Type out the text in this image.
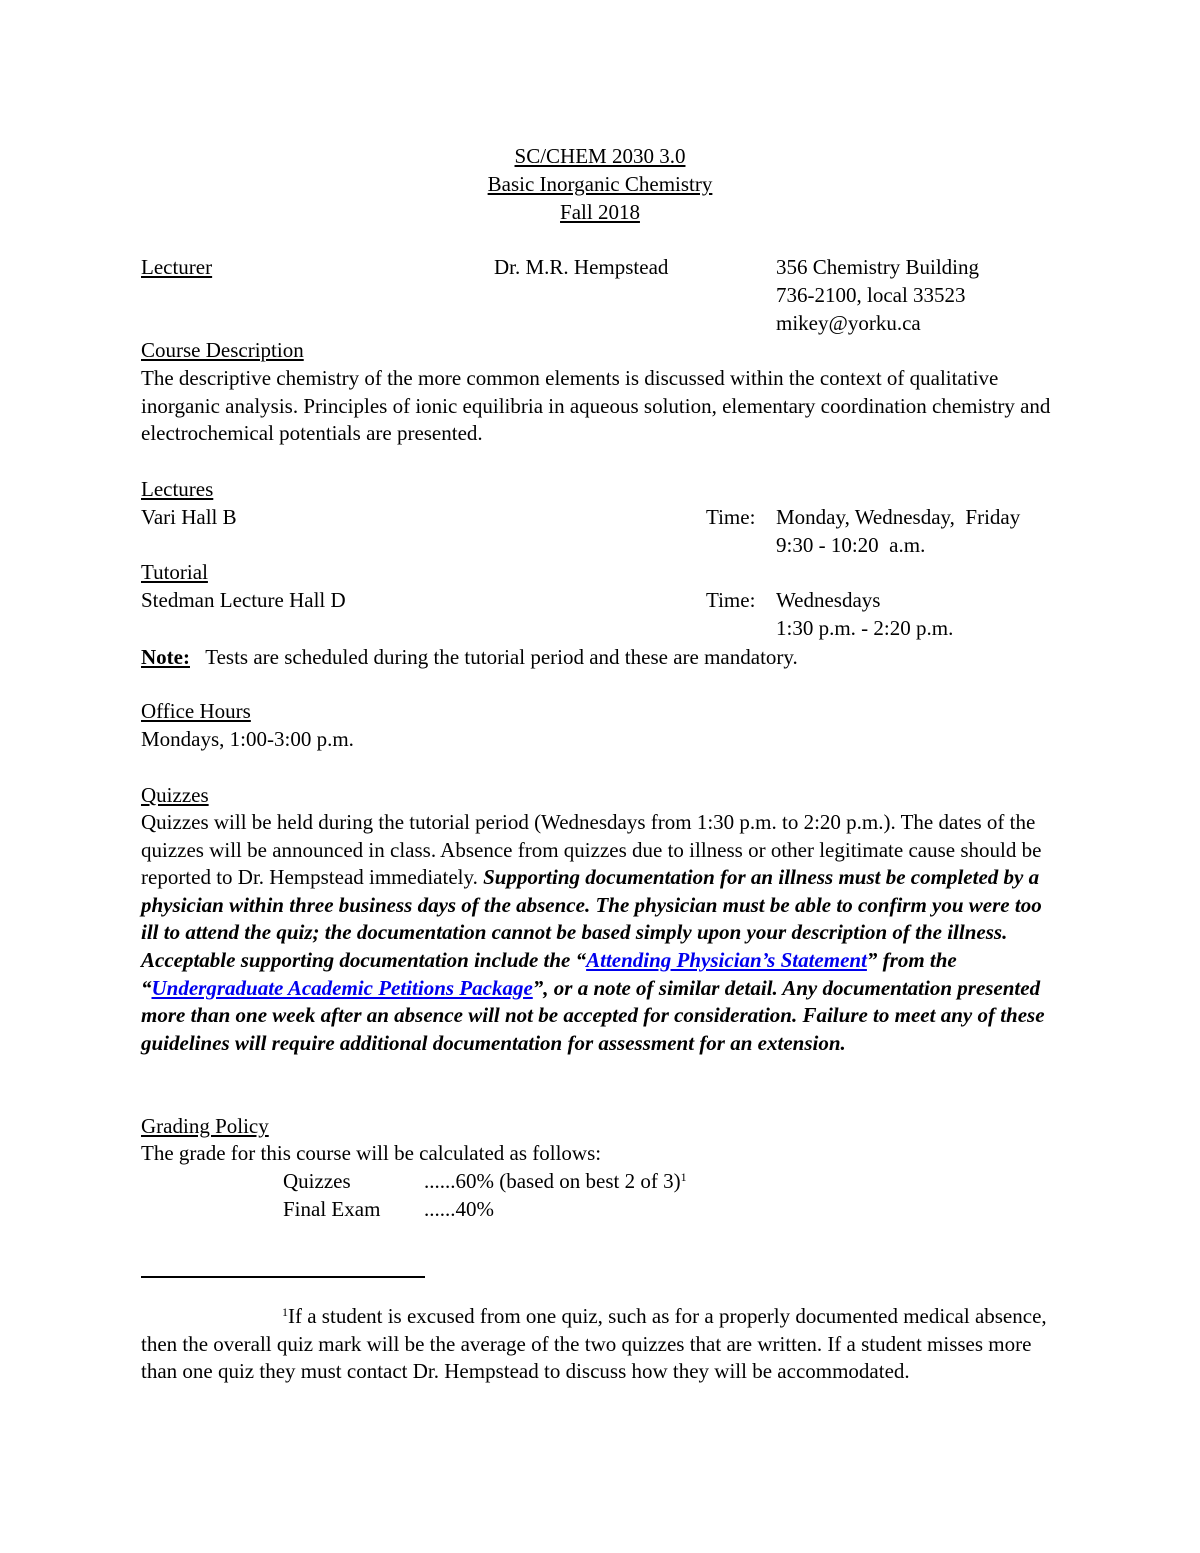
SC/CHEM 2030 3.0
Basic Inorganic Chemistry
Fall 2018
Lecturer	Dr. M.R. Hempstead	356 Chemistry Building
736-2100, local 33523
mikey@yorku.ca
Course Description

The descriptive chemistry of the more common elements is discussed within the context of qualitative inorganic analysis. Principles of ionic equilibria in aqueous solution, elementary coordination chemistry and electrochemical potentials are presented.

Lectures
Vari Hall B	Time: Monday, Wednesday,  Friday
9:30 - 10:20  a.m.
Tutorial
Stedman Lecture Hall D	Time: Wednesdays
1:30 p.m. - 2:20 p.m.
Note: Tests are scheduled during the tutorial period and these are mandatory.
Office Hours
Mondays, 1:00-3:00 p.m.
Quizzes

Quizzes will be held during the tutorial period (Wednesdays from 1:30 p.m. to 2:20 p.m.). The dates of the quizzes will be announced in class. Absence from quizzes due to illness or other legitimate cause should be reported to Dr. Hempstead immediately. Supporting documentation for an illness must be completed by a physician within three business days of the absence. The physician must be able to confirm you were too ill to attend the quiz; the documentation cannot be based simply upon your description of the illness. Acceptable supporting documentation include the “Attending Physician’s Statement” from the “Undergraduate Academic Petitions Package”, or a note of similar detail. Any documentation presented more than one week after an absence will not be accepted for consideration. Failure to meet any of these guidelines will require additional documentation for assessment for an extension.

Grading Policy
The grade for this course will be calculated as follows:
Quizzes	......60% (based on best 2 of 3)$^1$
Final Exam ......40%

$^1$If a student is excused from one quiz, such as for a properly documented medical absence, then the overall quiz mark will be the average of the two quizzes that are written. If a student misses more than one quiz they must contact Dr. Hempstead to discuss how they will be accommodated.
